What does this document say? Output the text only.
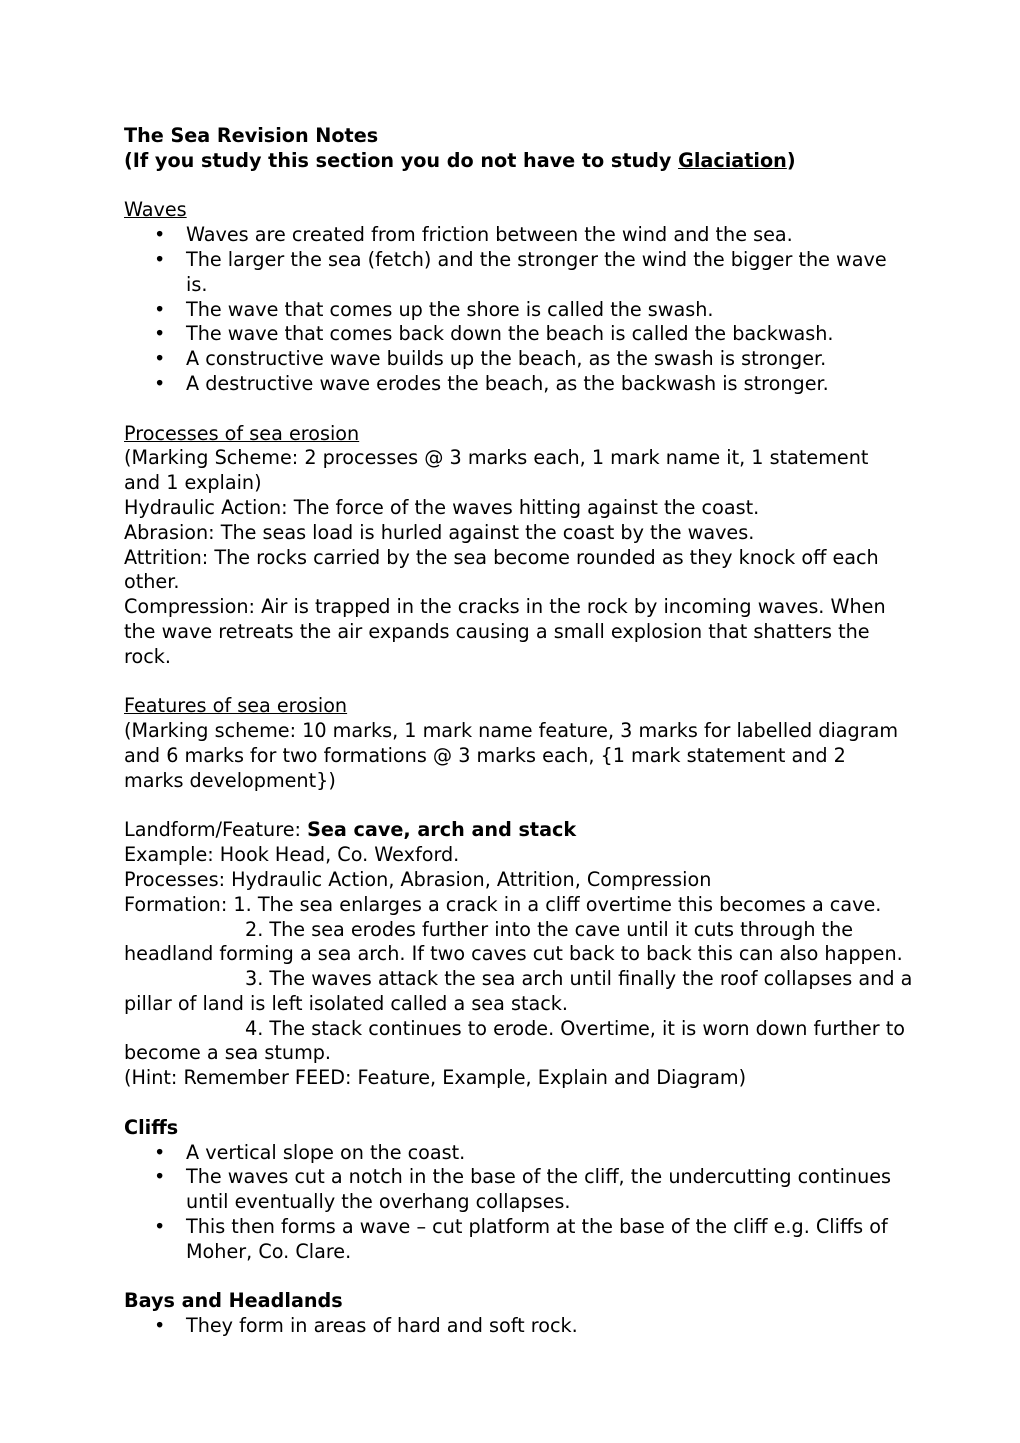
The Sea Revision Notes
(If you study this section you do not have to study Glaciation)
Waves
• Waves are created from friction between the wind and the sea.
• The larger the sea (fetch) and the stronger the wind the bigger the wave is.
• The wave that comes up the shore is called the swash.
• The wave that comes back down the beach is called the backwash.
• A constructive wave builds up the beach, as the swash is stronger.
• A destructive wave erodes the beach, as the backwash is stronger.
Processes of sea erosion
(Marking Scheme: 2 processes @ 3 marks each, 1 mark name it, 1 statement and 1 explain)
Hydraulic Action: The force of the waves hitting against the coast.
Abrasion: The seas load is hurled against the coast by the waves.
Attrition: The rocks carried by the sea become rounded as they knock off each other.
Compression: Air is trapped in the cracks in the rock by incoming waves. When the wave retreats the air expands causing a small explosion that shatters the rock.
Features of sea erosion
(Marking scheme: 10 marks, 1 mark name feature, 3 marks for labelled diagram and 6 marks for two formations @ 3 marks each, {1 mark statement and 2 marks development})
Landform/Feature: Sea cave, arch and stack
Example: Hook Head, Co. Wexford.
Processes: Hydraulic Action, Abrasion, Attrition, Compression
Formation: 1. The sea enlarges a crack in a cliff overtime this becomes a cave.
2. The sea erodes further into the cave until it cuts through the
headland forming a sea arch. If two caves cut back to back this can also happen.
3. The waves attack the sea arch until finally the roof collapses and a
pillar of land is left isolated called a sea stack.
4. The stack continues to erode. Overtime, it is worn down further to
become a sea stump.
(Hint: Remember FEED: Feature, Example, Explain and Diagram)
Cliffs
• A vertical slope on the coast.
• The waves cut a notch in the base of the cliff, the undercutting continues until eventually the overhang collapses.
• This then forms a wave – cut platform at the base of the cliff e.g. Cliffs of Moher, Co. Clare.
Bays and Headlands
• They form in areas of hard and soft rock.
